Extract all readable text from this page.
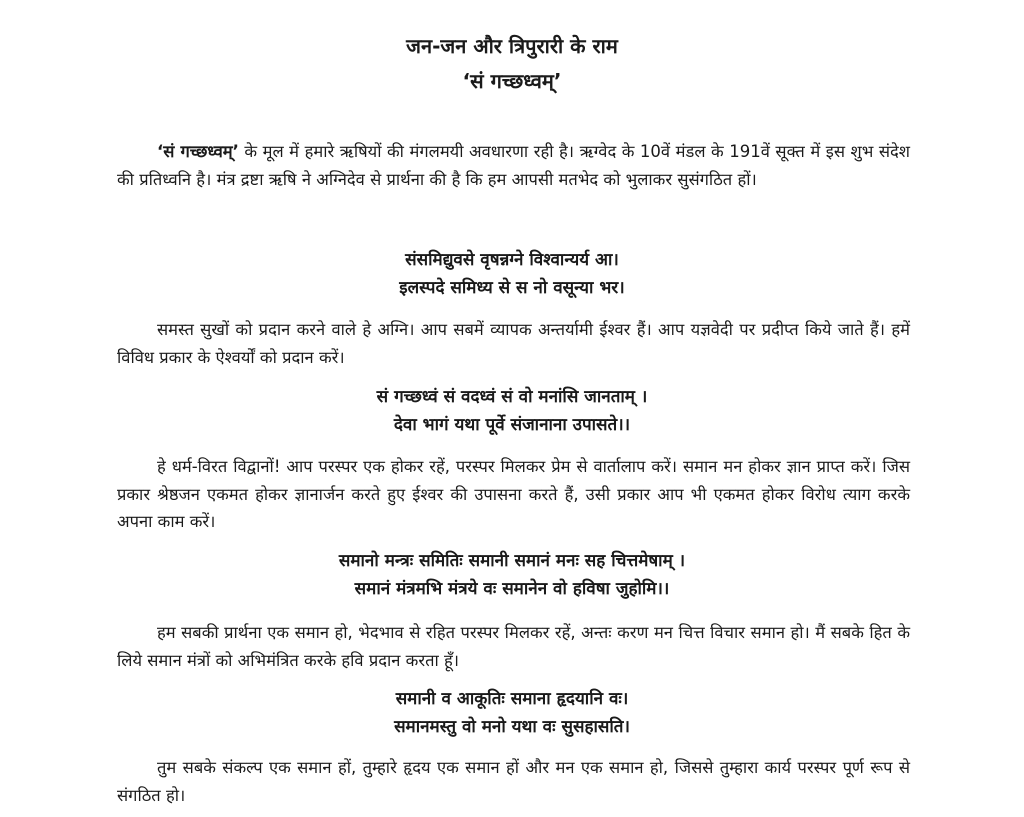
जन-जन और त्रिपुरारी के राम
‘सं गच्छध्वम्’

‘सं गच्छध्वम्’ के मूल में हमारे ऋषियों की मंगलमयी अवधारणा रही है। ऋग्वेद के 10वें मंडल के 191वें सूक्त में इस शुभ संदेश की प्रतिध्वनि है। मंत्र द्रष्टा ऋषि ने अग्निदेव से प्रार्थना की है कि हम आपसी मतभेद को भुलाकर सुसंगठित हों।

संसमिद्युवसे वृषन्नग्ने विश्वान्यर्य आ।
इलस्पदे समिध्य से स नो वसून्या भर।

समस्त सुखों को प्रदान करने वाले हे अग्नि। आप सबमें व्यापक अन्तर्यामी ईश्वर हैं। आप यज्ञवेदी पर प्रदीप्त किये जाते हैं। हमें विविध प्रकार के ऐश्वर्यों को प्रदान करें।

सं गच्छध्वं सं वदध्वं सं वो मनांसि जानताम् ।
देवा भागं यथा पूर्वे संजानाना उपासते।।

हे धर्म-विरत विद्वानों! आप परस्पर एक होकर रहें, परस्पर मिलकर प्रेम से वार्तालाप करें। समान मन होकर ज्ञान प्राप्त करें। जिस प्रकार श्रेष्ठजन एकमत होकर ज्ञानार्जन करते हुए ईश्वर की उपासना करते हैं, उसी प्रकार आप भी एकमत होकर विरोध त्याग करके अपना काम करें।

समानो मन्त्रः समितिः समानी समानं मनः सह चित्तमेषाम् ।
समानं मंत्रमभि मंत्रये वः समानेन वो हविषा जुहोमि।।

हम सबकी प्रार्थना एक समान हो, भेदभाव से रहित परस्पर मिलकर रहें, अन्तः करण मन चित्त विचार समान हो। मैं सबके हित के लिये समान मंत्रों को अभिमंत्रित करके हवि प्रदान करता हूँ।

समानी व आकूतिः समाना हृदयानि वः।
समानमस्तु वो मनो यथा वः सुसहासति।

तुम सबके संकल्प एक समान हों, तुम्हारे हृदय एक समान हों और मन एक समान हो, जिससे तुम्हारा कार्य परस्पर पूर्ण रूप से संगठित हो।
